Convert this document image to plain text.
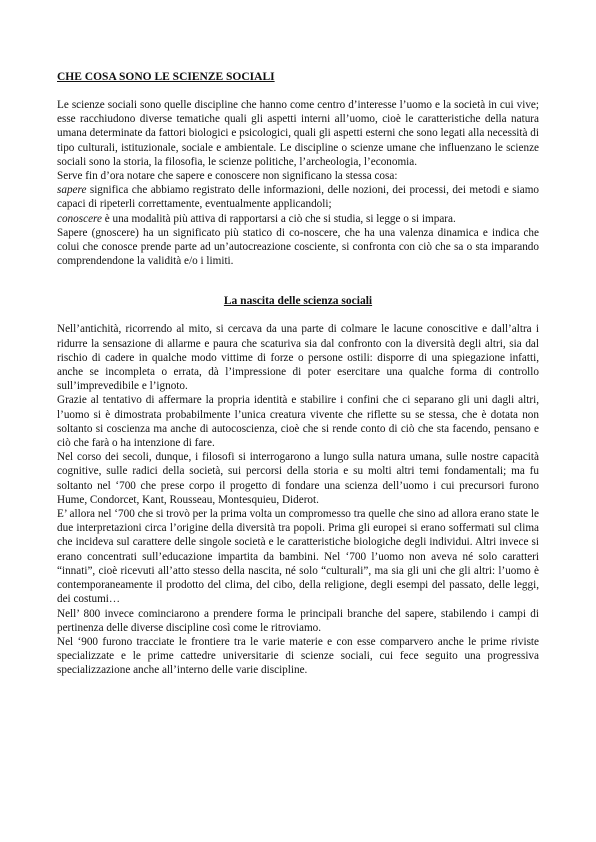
CHE COSA SONO LE SCIENZE SOCIALI

Le scienze sociali sono quelle discipline che hanno come centro d’interesse l’uomo e la società in cui vive; esse racchiudono diverse tematiche quali gli aspetti interni all’uomo, cioè le caratteristiche della natura umana determinate da fattori biologici e psicologici, quali gli aspetti esterni che sono legati alla necessità di tipo culturali, istituzionale, sociale e ambientale. Le discipline o scienze umane che influenzano le scienze sociali sono la storia, la filosofia, le scienze politiche, l’archeologia, l’economia.

Serve fin d’ora notare che sapere e conoscere non significano la stessa cosa:

sapere significa che abbiamo registrato delle informazioni, delle nozioni, dei processi, dei metodi e siamo capaci di ripeterli correttamente, eventualmente applicandoli;

conoscere è una modalità più attiva di rapportarsi a ciò che si studia, si legge o si impara.

Sapere (gnoscere) ha un significato più statico di co-noscere, che ha una valenza dinamica e indica che colui che conosce prende parte ad un’autocreazione cosciente, si confronta con ciò che sa o sta imparando comprendendone la validità e/o i limiti.

La nascita delle scienza sociali

Nell’antichità, ricorrendo al mito, si cercava da una parte di colmare le lacune conoscitive e dall’altra i ridurre la sensazione di allarme e paura che scaturiva sia dal confronto con la diversità degli altri, sia dal rischio di cadere in qualche modo vittime di forze o persone ostili: disporre di una spiegazione infatti, anche se incompleta o errata, dà l’impressione di poter esercitare una qualche forma di controllo sull’imprevedibile e l’ignoto.

Grazie al tentativo di affermare la propria identità e stabilire i confini che ci separano gli uni dagli altri, l’uomo si è dimostrata probabilmente l’unica creatura vivente che riflette su se stessa, che è dotata non soltanto si coscienza ma anche di autocoscienza, cioè che si rende conto di ciò che sta facendo, pensano e ciò che farà o ha intenzione di fare.

Nel corso dei secoli, dunque, i filosofi si interrogarono a lungo sulla natura umana, sulle nostre capacità cognitive, sulle radici della società, sui percorsi della storia e su molti altri temi fondamentali; ma fu soltanto nel ‘700 che prese corpo il progetto di fondare una scienza dell’uomo i cui precursori furono Hume, Condorcet, Kant, Rousseau, Montesquieu, Diderot.

E’ allora nel ‘700 che si trovò per la prima volta un compromesso tra quelle che sino ad allora erano state le due interpretazioni circa l’origine della diversità tra popoli. Prima gli europei si erano soffermati sul clima che incideva sul carattere delle singole società e le caratteristiche biologiche degli individui. Altri invece si erano concentrati sull’educazione impartita da bambini. Nel ‘700 l’uomo non aveva né solo caratteri “innati”, cioè ricevuti all’atto stesso della nascita, né solo “culturali”, ma sia gli uni che gli altri: l’uomo è contemporaneamente il prodotto del clima, del cibo, della religione, degli esempi del passato, delle leggi, dei costumi…

Nell’ 800 invece cominciarono a prendere forma le principali branche del sapere, stabilendo i campi di pertinenza delle diverse discipline così come le ritroviamo.

Nel ‘900 furono tracciate le frontiere tra le varie materie e con esse comparvero anche le prime riviste specializzate e le prime cattedre universitarie di scienze sociali, cui fece seguito una progressiva specializzazione anche all’interno delle varie discipline.
